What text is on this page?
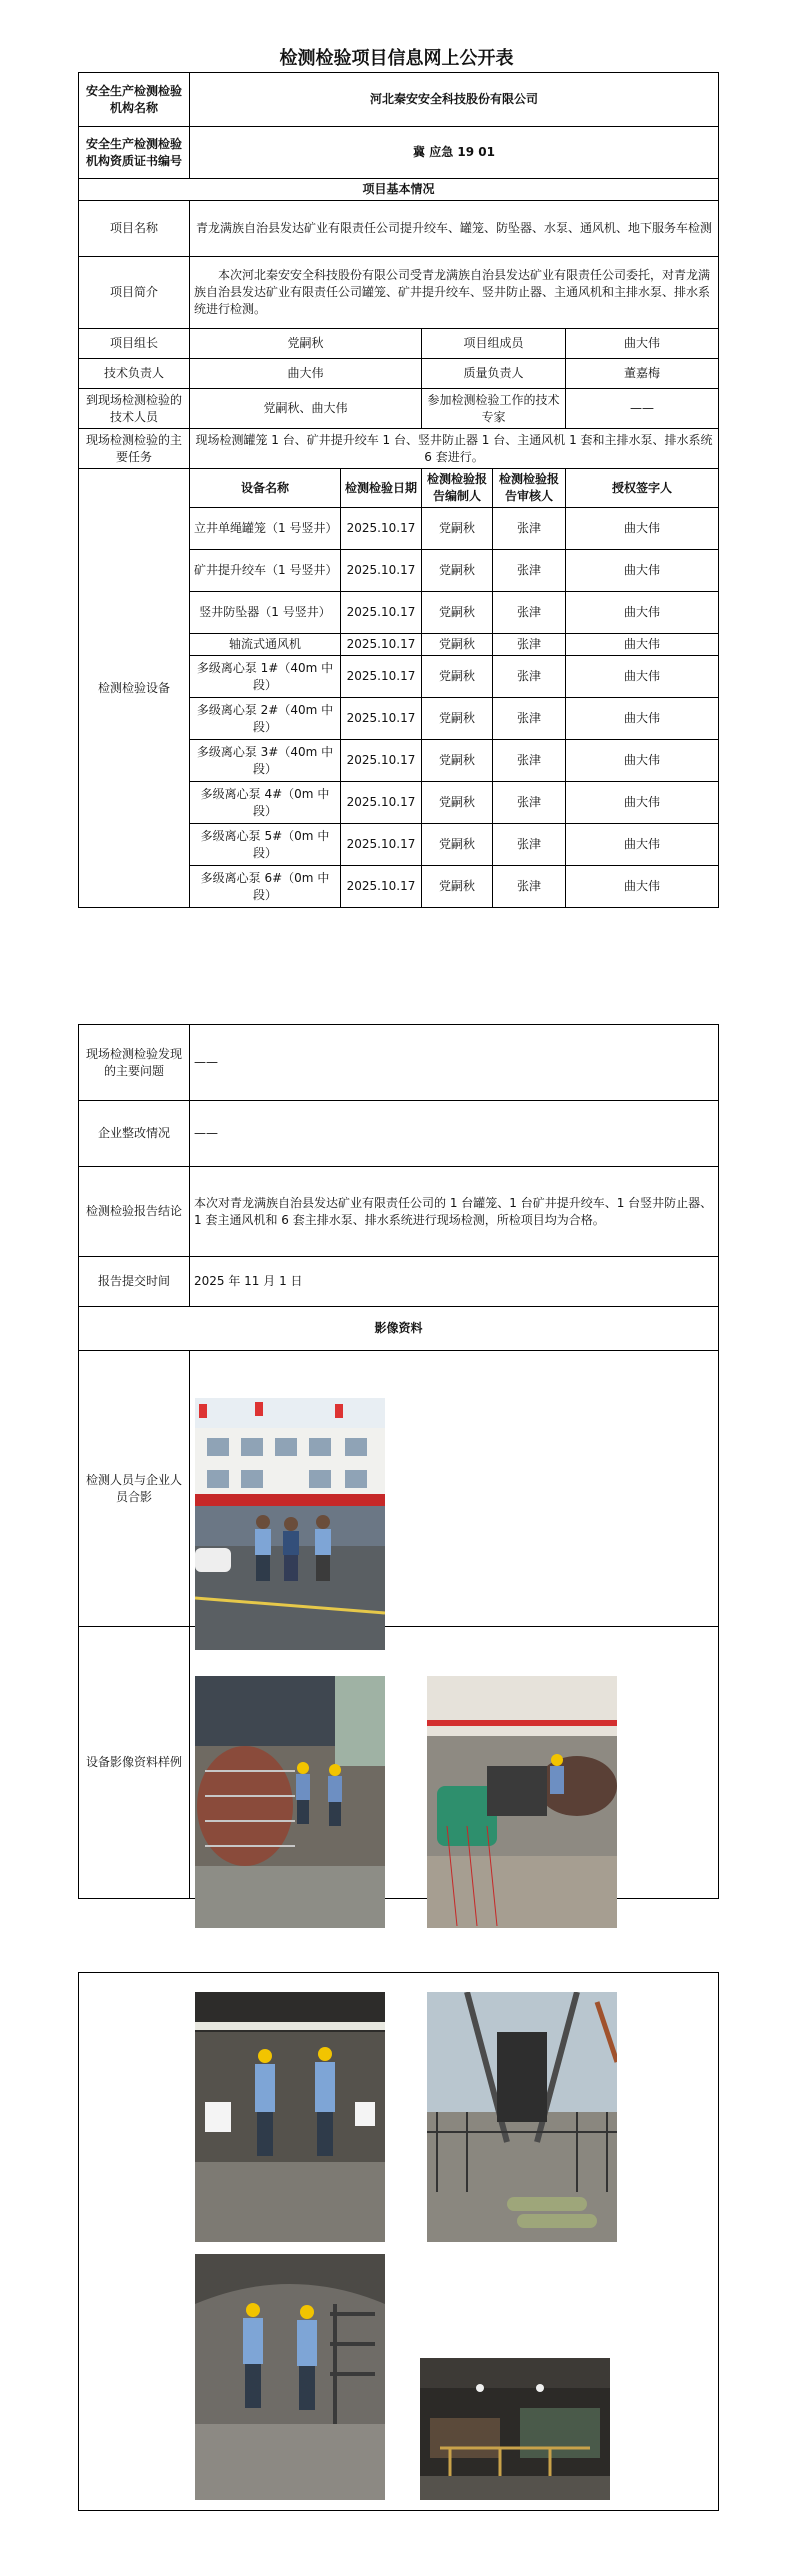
检测检验项目信息网上公开表
安全生产检测检验机构名称	河北秦安安全科技股份有限公司				
安全生产检测检验机构资质证书编号	冀 应急 19 01				
项目基本情况					
项目名称	青龙满族自治县发达矿业有限责任公司提升绞车、罐笼、防坠器、水泵、通风机、地下服务车检测				
项目简介	本次河北秦安安全科技股份有限公司受青龙满族自治县发达矿业有限责任公司委托，对青龙满族自治县发达矿业有限责任公司罐笼、矿井提升绞车、竖井防止器、主通风机和主排水泵、排水系统进行检测。				
项目组长	党嗣秋		项目组成员		曲大伟
技术负责人	曲大伟		质量负责人		董嘉梅
到现场检测检验的技术人员	党嗣秋、曲大伟		参加检测检验工作的技术专家		——
现场检测检验的主要任务	现场检测罐笼 1 台、矿井提升绞车 1 台、竖井防止器 1 台、主通风机 1 套和主排水泵、排水系统 6 套进行。				
检测检验设备	设备名称	检测检验日期	检测检验报告编制人	检测检验报告审核人	授权签字人
	立井单绳罐笼（1 号竖井）	2025.10.17	党嗣秋	张津	曲大伟
	矿井提升绞车（1 号竖井）	2025.10.17	党嗣秋	张津	曲大伟
	竖井防坠器（1 号竖井）	2025.10.17	党嗣秋	张津	曲大伟
	轴流式通风机	2025.10.17	党嗣秋	张津	曲大伟
	多级离心泵 1#（40m 中段）	2025.10.17	党嗣秋	张津	曲大伟
	多级离心泵 2#（40m 中段）	2025.10.17	党嗣秋	张津	曲大伟
	多级离心泵 3#（40m 中段）	2025.10.17	党嗣秋	张津	曲大伟
	多级离心泵 4#（0m 中段）	2025.10.17	党嗣秋	张津	曲大伟
	多级离心泵 5#（0m 中段）	2025.10.17	党嗣秋	张津	曲大伟
	多级离心泵 6#（0m 中段）	2025.10.17	党嗣秋	张津	曲大伟
现场检测检验发现的主要问题	——
企业整改情况	——
检测检验报告结论	本次对青龙满族自治县发达矿业有限责任公司的 1 台罐笼、1 台矿井提升绞车、1 台竖井防止器、1 套主通风机和 6 套主排水泵、排水系统进行现场检测，所检项目均为合格。
报告提交时间	2025 年 11 月 1 日
影像资料	
检测人员与企业人员合影	
设备影像资料样例	
